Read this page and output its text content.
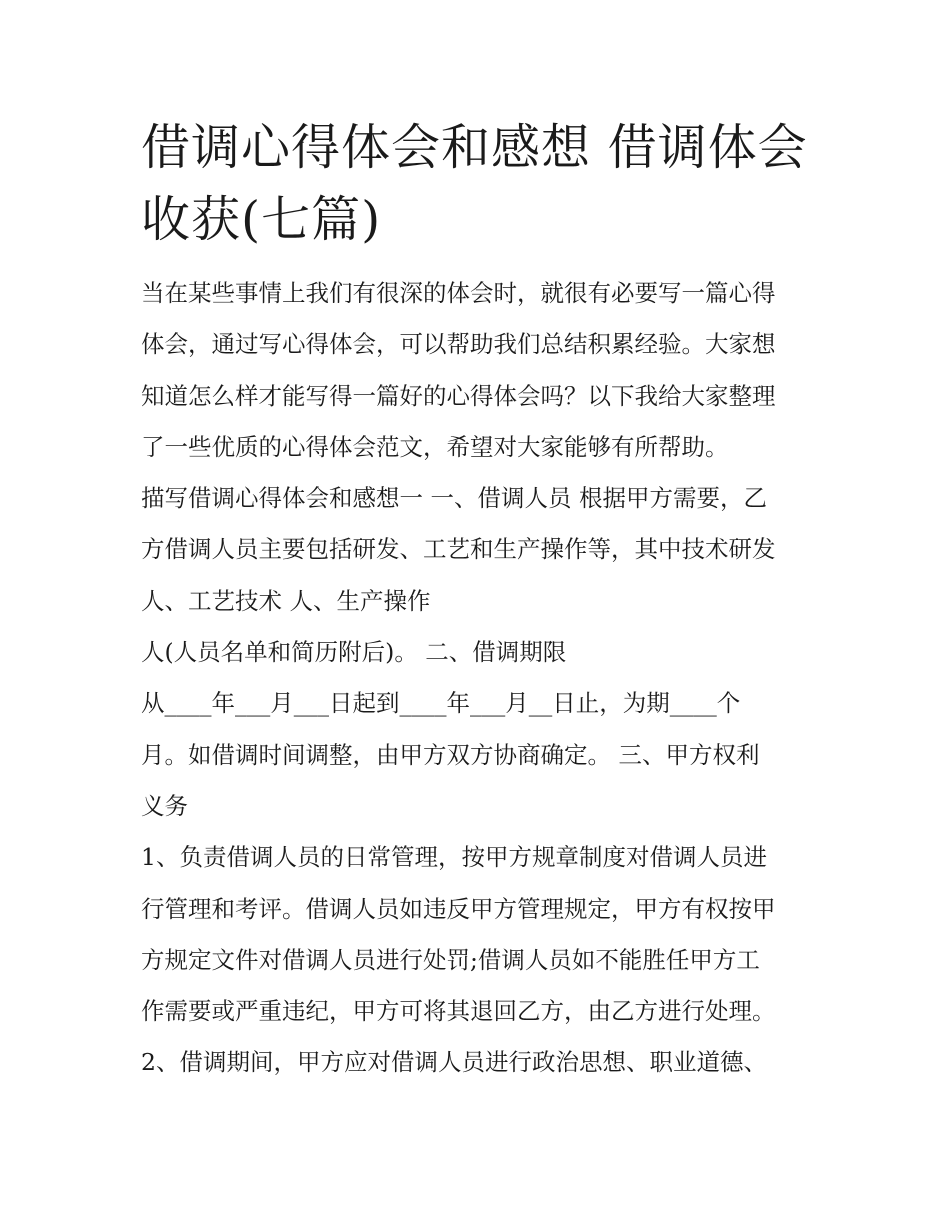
借调心得体会和感想 借调体会
收获(七篇)

当在某些事情上我们有很深的体会时，就很有必要写一篇心得

体会，通过写心得体会，可以帮助我们总结积累经验。大家想

知道怎么样才能写得一篇好的心得体会吗？以下我给大家整理

了一些优质的心得体会范文，希望对大家能够有所帮助。

描写借调心得体会和感想一 一、借调人员 根据甲方需要，乙

方借调人员主要包括研发、工艺和生产操作等，其中技术研发

人、工艺技术 人、生产操作

人(人员名单和简历附后)。 二、借调期限

从____年___月___日起到____年___月__日止，为期____个

月。如借调时间调整，由甲方双方协商确定。 三、甲方权利

义务

1、负责借调人员的日常管理，按甲方规章制度对借调人员进

行管理和考评。借调人员如违反甲方管理规定，甲方有权按甲

方规定文件对借调人员进行处罚;借调人员如不能胜任甲方工

作需要或严重违纪，甲方可将其退回乙方，由乙方进行处理。

2、借调期间，甲方应对借调人员进行政治思想、职业道德、
